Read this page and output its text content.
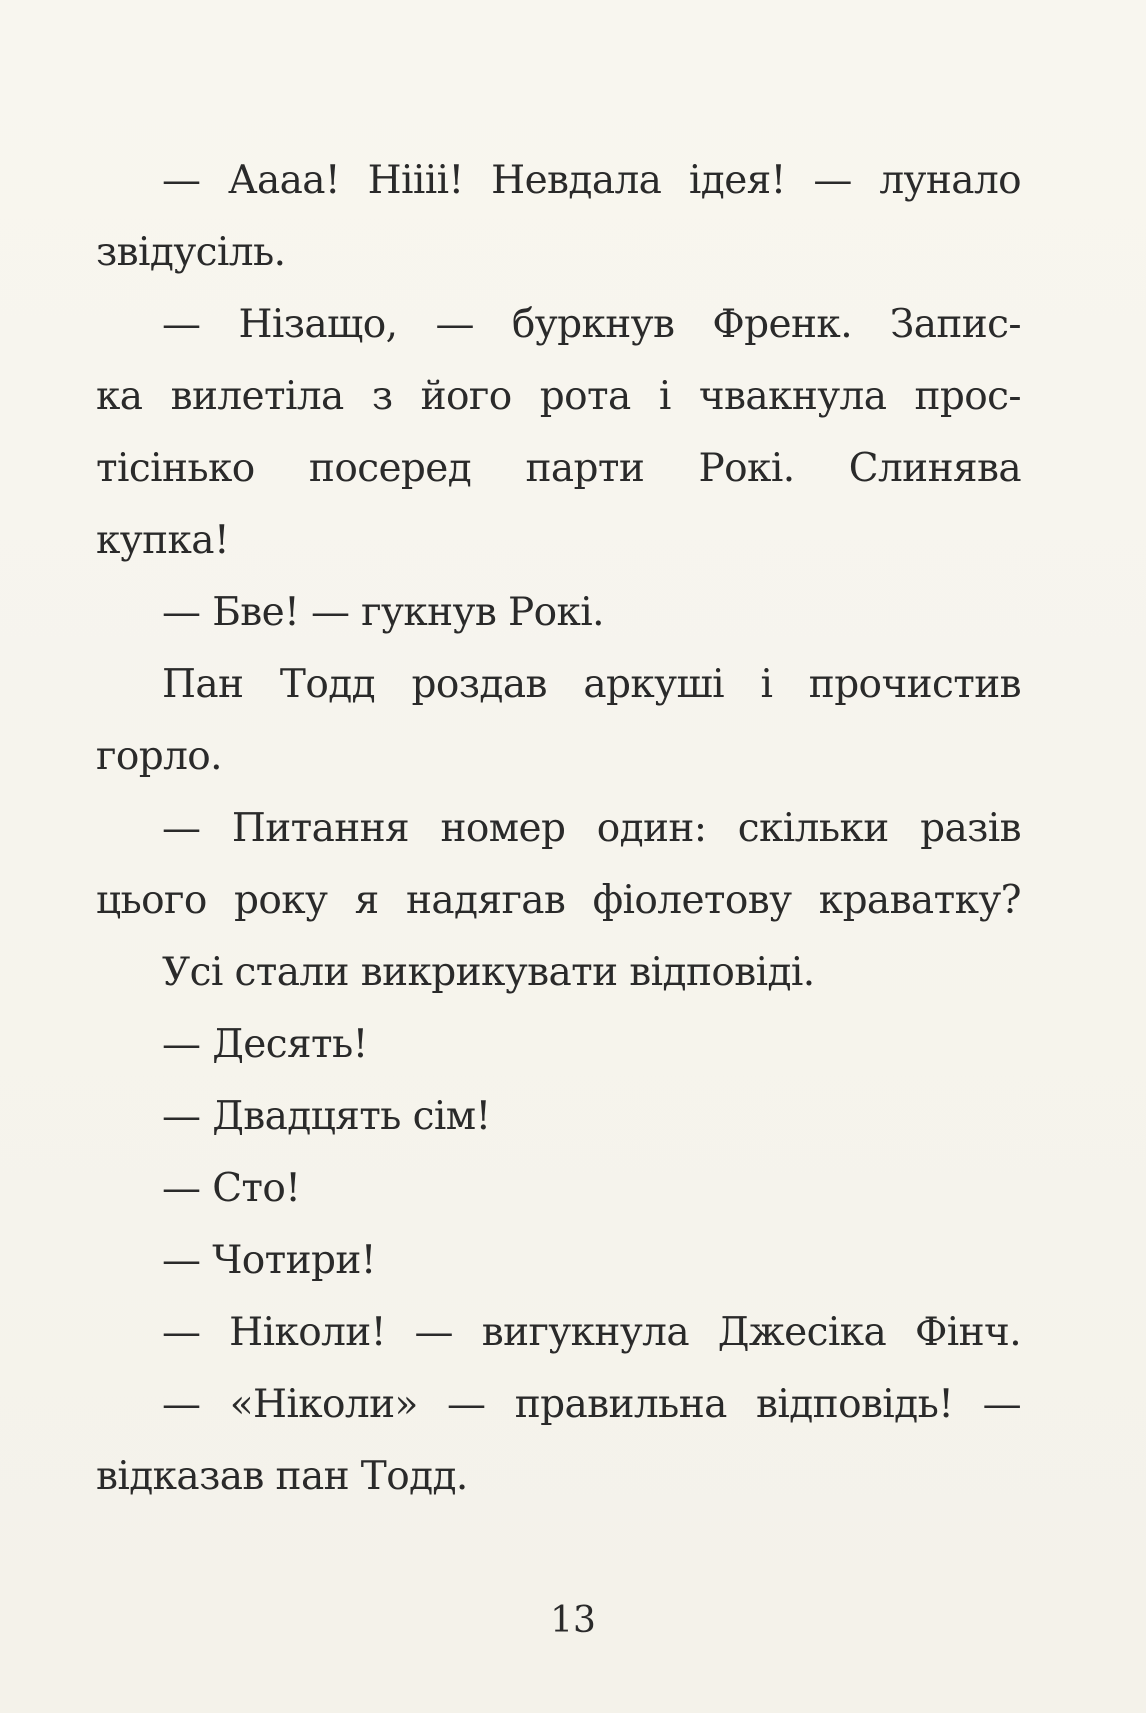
— Аааа! Ніііі! Невдала ідея! — лунало
звідусіль.
— Нізащо, — буркнув Френк. Запис-
ка вилетіла з його рота і чвакнула прос-
тісінько посеред парти Рокі. Слинява
купка!
— Бве! — гукнув Рокі.
Пан Тодд роздав аркуші і прочистив
горло.
— Питання номер один: скільки разів
цього року я надягав фіолетову краватку?
Усі стали викрикувати відповіді.
— Десять!
— Двадцять сім!
— Сто!
— Чотири!
— Ніколи! — вигукнула Джесіка Фінч.
— «Ніколи» — правильна відповідь! —
відказав пан Тодд.
13
